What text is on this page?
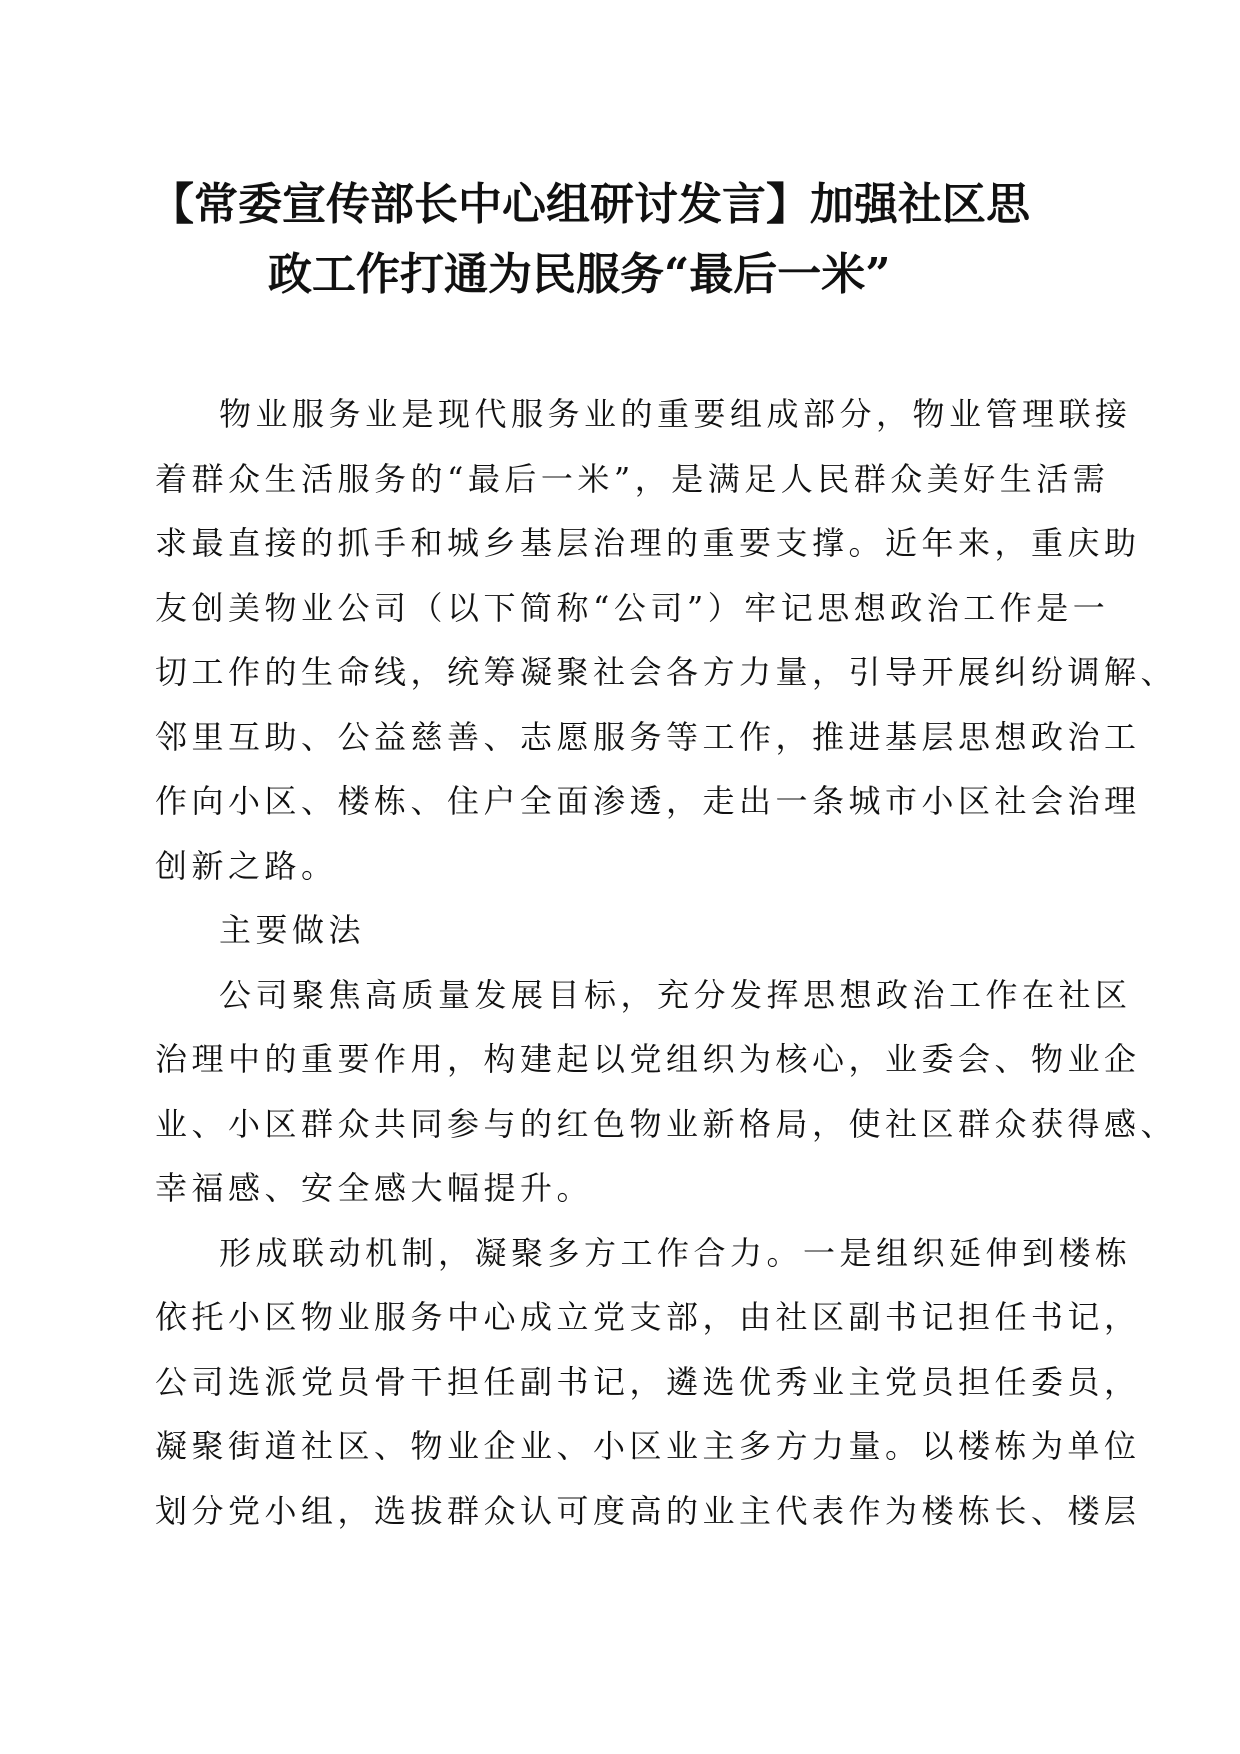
【常委宣传部长中心组研讨发言】加强社区思
政工作打通为民服务“最后一米”
物业服务业是现代服务业的重要组成部分，物业管理联接
着群众生活服务的“最后一米”，是满足人民群众美好生活需
求最直接的抓手和城乡基层治理的重要支撑。近年来，重庆助
友创美物业公司（以下简称“公司”）牢记思想政治工作是一
切工作的生命线，统筹凝聚社会各方力量，引导开展纠纷调解、
邻里互助、公益慈善、志愿服务等工作，推进基层思想政治工
作向小区、楼栋、住户全面渗透，走出一条城市小区社会治理
创新之路。
主要做法
公司聚焦高质量发展目标，充分发挥思想政治工作在社区
治理中的重要作用，构建起以党组织为核心，业委会、物业企
业、小区群众共同参与的红色物业新格局，使社区群众获得感、
幸福感、安全感大幅提升。
形成联动机制，凝聚多方工作合力。一是组织延伸到楼栋
依托小区物业服务中心成立党支部，由社区副书记担任书记，
公司选派党员骨干担任副书记，遴选优秀业主党员担任委员，
凝聚街道社区、物业企业、小区业主多方力量。以楼栋为单位
划分党小组，选拔群众认可度高的业主代表作为楼栋长、楼层
